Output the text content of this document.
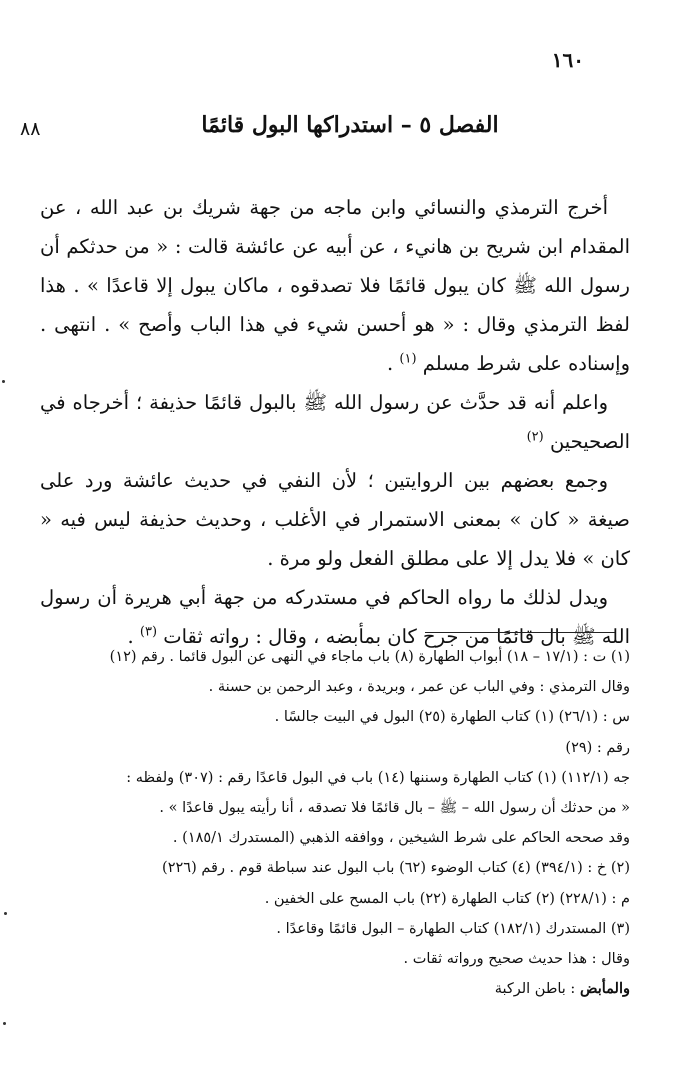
١٦٠
٨٨	الفصل ٥ – استدراكها البول قائمًا

أخرج الترمذي والنسائي وابن ماجه من جهة شريك بن عبد الله ، عن المقدام ابن شريح بن هانيء ، عن أبيه عن عائشة قالت : « من حدثكم أن رسول الله ﷺ كان يبول قائمًا فلا تصدقوه ، ماكان يبول إلا قاعدًا » . هذا لفظ الترمذي وقال : « هو أحسن شيء في هذا الباب وأصح » . انتهى . وإسناده على شرط مسلم $^{(١)}$ .

واعلم أنه قد حدَّث عن رسول الله ﷺ بالبول قائمًا حذيفة ؛ أخرجاه في الصحيحين $^{(٢)}$

وجمع بعضهم بين الروايتين ؛ لأن النفي في حديث عائشة ورد على صيغة « كان » بمعنى الاستمرار في الأغلب ، وحديث حذيفة ليس فيه « كان » فلا يدل إلا على مطلق الفعل ولو مرة .

ويدل لذلك ما رواه الحاكم في مستدركه من جهة أبي هريرة أن رسول الله ﷺ بال قائمًا من جرح كان بمأبضه ، وقال : رواته ثقات $^{(٣)}$ .

(١) ت : (١٧/١ – ١٨) أبواب الطهارة (٨) باب ماجاء في النهى عن البول قائما . رقم (١٢)
وقال الترمذي : وفي الباب عن عمر ، وبريدة ، وعبد الرحمن بن حسنة .
س : (٢٦/١) (١) كتاب الطهارة (٢٥) البول في البيت جالسًا .
رقم : (٢٩)
جه (١١٢/١) (١) كتاب الطهارة وسننها (١٤) باب في البول قاعدًا رقم : (٣٠٧) ولفظه :
« من حدثك أن رسول الله – ﷺ – بال قائمًا فلا تصدقه ، أنا رأيته يبول قاعدًا » .
وقد صححه الحاكم على شرط الشيخين ، ووافقه الذهبي (المستدرك ١٨٥/١) .
(٢) خ : (٣٩٤/١) (٤) كتاب الوضوء (٦٢) باب البول عند سباطة قوم . رقم (٢٢٦)
م : (٢٢٨/١) (٢) كتاب الطهارة (٢٢) باب المسح على الخفين .
(٣) المستدرك (١٨٢/١) كتاب الطهارة – البول قائمًا وقاعدًا .
وقال : هذا حديث صحيح ورواته ثقات .
والمأبض : باطن الركبة
